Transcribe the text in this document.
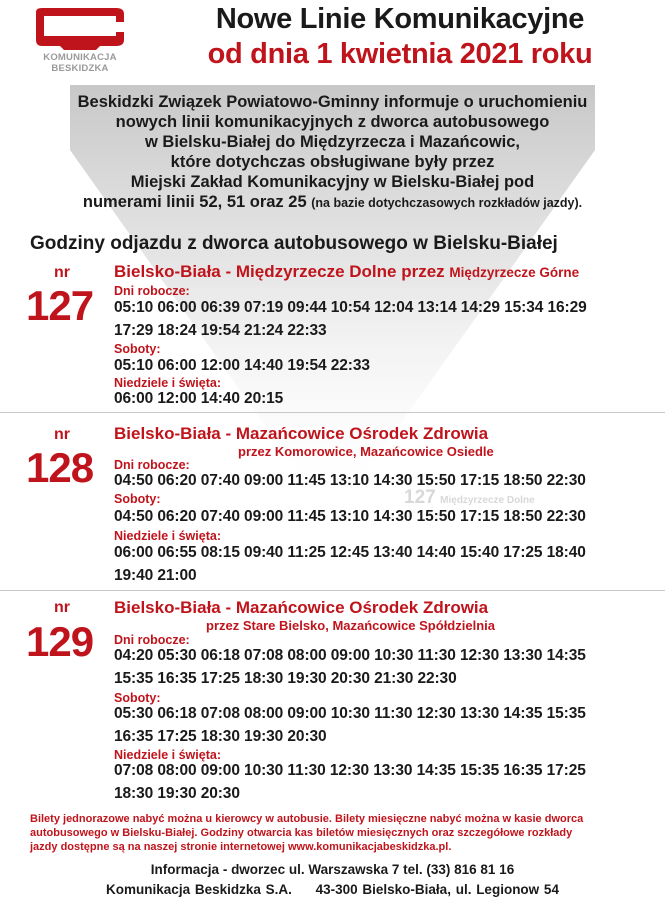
KOMUNIKACJA
BESKIDZKA
Nowe Linie Komunikacyjne
od dnia 1 kwietnia 2021 roku
Beskidzki Związek Powiatowo-Gminny informuje o uruchomieniu
nowych linii komunikacyjnych z dworca autobusowego
w Bielsku-Białej do Międzyrzecza i Mazańcowic,
które dotychczas obsługiwane były przez
Miejski Zakład Komunikacyjny w Bielsku-Białej pod
numerami linii 52, 51 oraz 25 (na bazie dotychczasowych rozkładów jazdy).
Godziny odjazdu z dworca autobusowego w Bielsku-Białej
nr
127
Bielsko-Biała - Międzyrzecze Dolne przez Międzyrzecze Górne
Dni robocze:
05:10 06:00 06:39 07:19 09:44 10:54 12:04 13:14 14:29 15:34 16:29
17:29 18:24 19:54 21:24 22:33
Soboty:
05:10 06:00 12:00 14:40 19:54 22:33
Niedziele i święta:
06:00 12:00 14:40 20:15
nr
128
Bielsko-Biała - Mazańcowice Ośrodek Zdrowia
przez Komorowice, Mazańcowice Osiedle
Dni robocze:
04:50 06:20 07:40 09:00 11:45 13:10 14:30 15:50 17:15 18:50 22:30
Soboty:
04:50 06:20 07:40 09:00 11:45 13:10 14:30 15:50 17:15 18:50 22:30
Niedziele i święta:
06:00 06:55 08:15 09:40 11:25 12:45 13:40 14:40 15:40 17:25 18:40
19:40 21:00
127 Międzyrzecze Dolne
nr
129
Bielsko-Biała - Mazańcowice Ośrodek Zdrowia
przez Stare Bielsko, Mazańcowice Spółdzielnia
Dni robocze:
04:20 05:30 06:18 07:08 08:00 09:00 10:30 11:30 12:30 13:30 14:35
15:35 16:35 17:25 18:30 19:30 20:30 21:30 22:30
Soboty:
05:30 06:18 07:08 08:00 09:00 10:30 11:30 12:30 13:30 14:35 15:35
16:35 17:25 18:30 19:30 20:30
Niedziele i święta:
07:08 08:00 09:00 10:30 11:30 12:30 13:30 14:35 15:35 16:35 17:25
18:30 19:30 20:30
Bilety jednorazowe nabyć można u kierowcy w autobusie. Bilety miesięczne nabyć można w kasie dworca
autobusowego w Bielsku-Białej. Godziny otwarcia kas biletów miesięcznych oraz szczegółowe rozkłady
jazdy dostępne są na naszej stronie internetowej www.komunikacjabeskidzka.pl.
Informacja - dworzec ul. Warszawska 7 tel. (33) 816 81 16
Komunikacja Beskidzka S.A.     43-300 Bielsko-Biała, ul. Legionow 54
